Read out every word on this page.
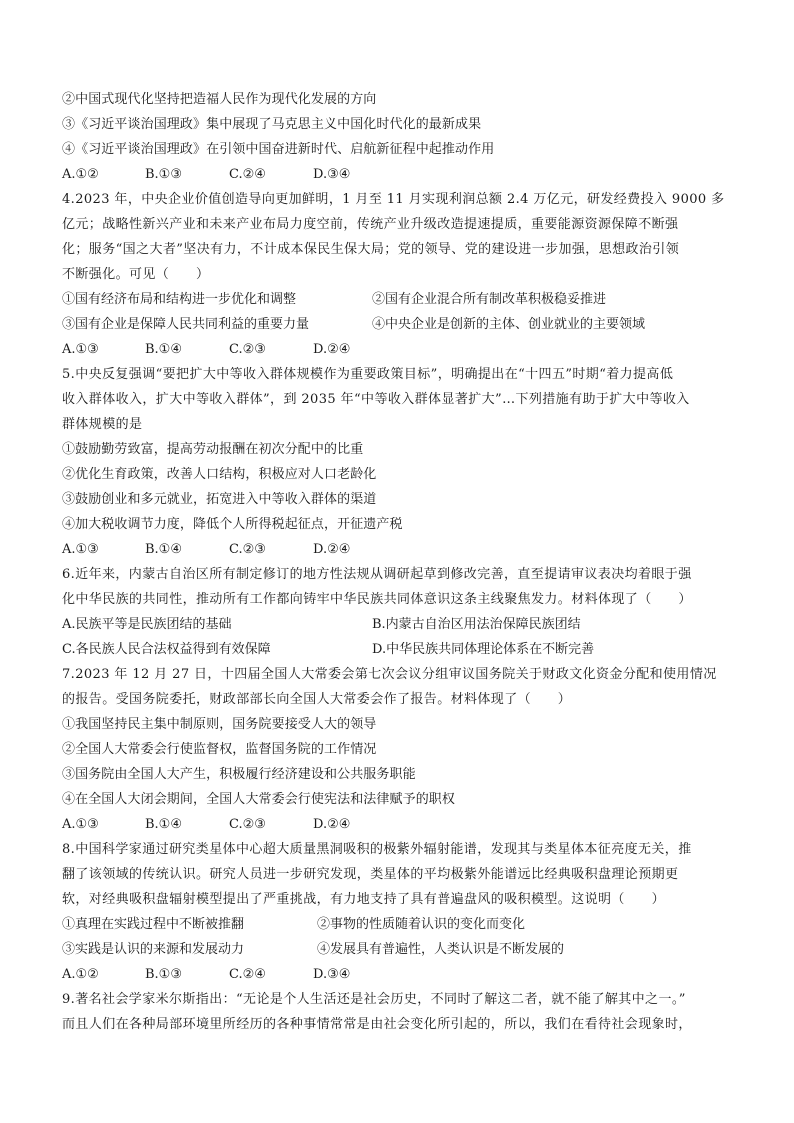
②中国式现代化坚持把造福人民作为现代化发展的方向
③《习近平谈治国理政》集中展现了马克思主义中国化时代化的最新成果
④《习近平谈治国理政》在引领中国奋进新时代、启航新征程中起推动作用
A.①②	B.①③	C.②④	D.③④
4.2023 年，中央企业价值创造导向更加鲜明，1 月至 11 月实现利润总额 2.4 万亿元，研发经费投入 9000 多
亿元；战略性新兴产业和未来产业布局力度空前，传统产业升级改造提速提质，重要能源资源保障不断强
化；服务“国之大者”坚决有力，不计成本保民生保大局；党的领导、党的建设进一步加强，思想政治引领
不断强化。可见（　　）
①国有经济布局和结构进一步优化和调整	②国有企业混合所有制改革积极稳妥推进
③国有企业是保障人民共同利益的重要力量	④中央企业是创新的主体、创业就业的主要领域
A.①③	B.①④	C.②③	D.②④
5.中央反复强调“要把扩大中等收入群体规模作为重要政策目标”，明确提出在“十四五”时期“着力提高低
收入群体收入，扩大中等收入群体”，到 2035 年“中等收入群体显著扩大”…下列措施有助于扩大中等收入
群体规模的是
①鼓励勤劳致富，提高劳动报酬在初次分配中的比重
②优化生育政策，改善人口结构，积极应对人口老龄化
③鼓励创业和多元就业，拓宽进入中等收入群体的渠道
④加大税收调节力度，降低个人所得税起征点，开征遗产税
A.①③	B.①④	C.②③	D.②④
6.近年来，内蒙古自治区所有制定修订的地方性法规从调研起草到修改完善，直至提请审议表决均着眼于强
化中华民族的共同性，推动所有工作都向铸牢中华民族共同体意识这条主线聚焦发力。材料体现了（　　）
A.民族平等是民族团结的基础	B.内蒙古自治区用法治保障民族团结
C.各民族人民合法权益得到有效保障	D.中华民族共同体理论体系在不断完善
7.2023 年 12 月 27 日，十四届全国人大常委会第七次会议分组审议国务院关于财政文化资金分配和使用情况
的报告。受国务院委托，财政部部长向全国人大常委会作了报告。材料体现了（　　）
①我国坚持民主集中制原则，国务院要接受人大的领导
②全国人大常委会行使监督权，监督国务院的工作情况
③国务院由全国人大产生，积极履行经济建设和公共服务职能
④在全国人大闭会期间，全国人大常委会行使宪法和法律赋予的职权
A.①③	B.①④	C.②③	D.②④
8.中国科学家通过研究类星体中心超大质量黑洞吸积的极紫外辐射能谱，发现其与类星体本征亮度无关，推
翻了该领域的传统认识。研究人员进一步研究发现，类星体的平均极紫外能谱远比经典吸积盘理论预期更
软，对经典吸积盘辐射模型提出了严重挑战，有力地支持了具有普遍盘风的吸积模型。这说明（　　）
①真理在实践过程中不断被推翻	②事物的性质随着认识的变化而变化
③实践是认识的来源和发展动力	④发展具有普遍性，人类认识是不断发展的
A.①②	B.①③	C.②④	D.③④
9.著名社会学家米尔斯指出：“无论是个人生活还是社会历史，不同时了解这二者，就不能了解其中之一。”
而且人们在各种局部环境里所经历的各种事情常常是由社会变化所引起的，所以，我们在看待社会现象时，
